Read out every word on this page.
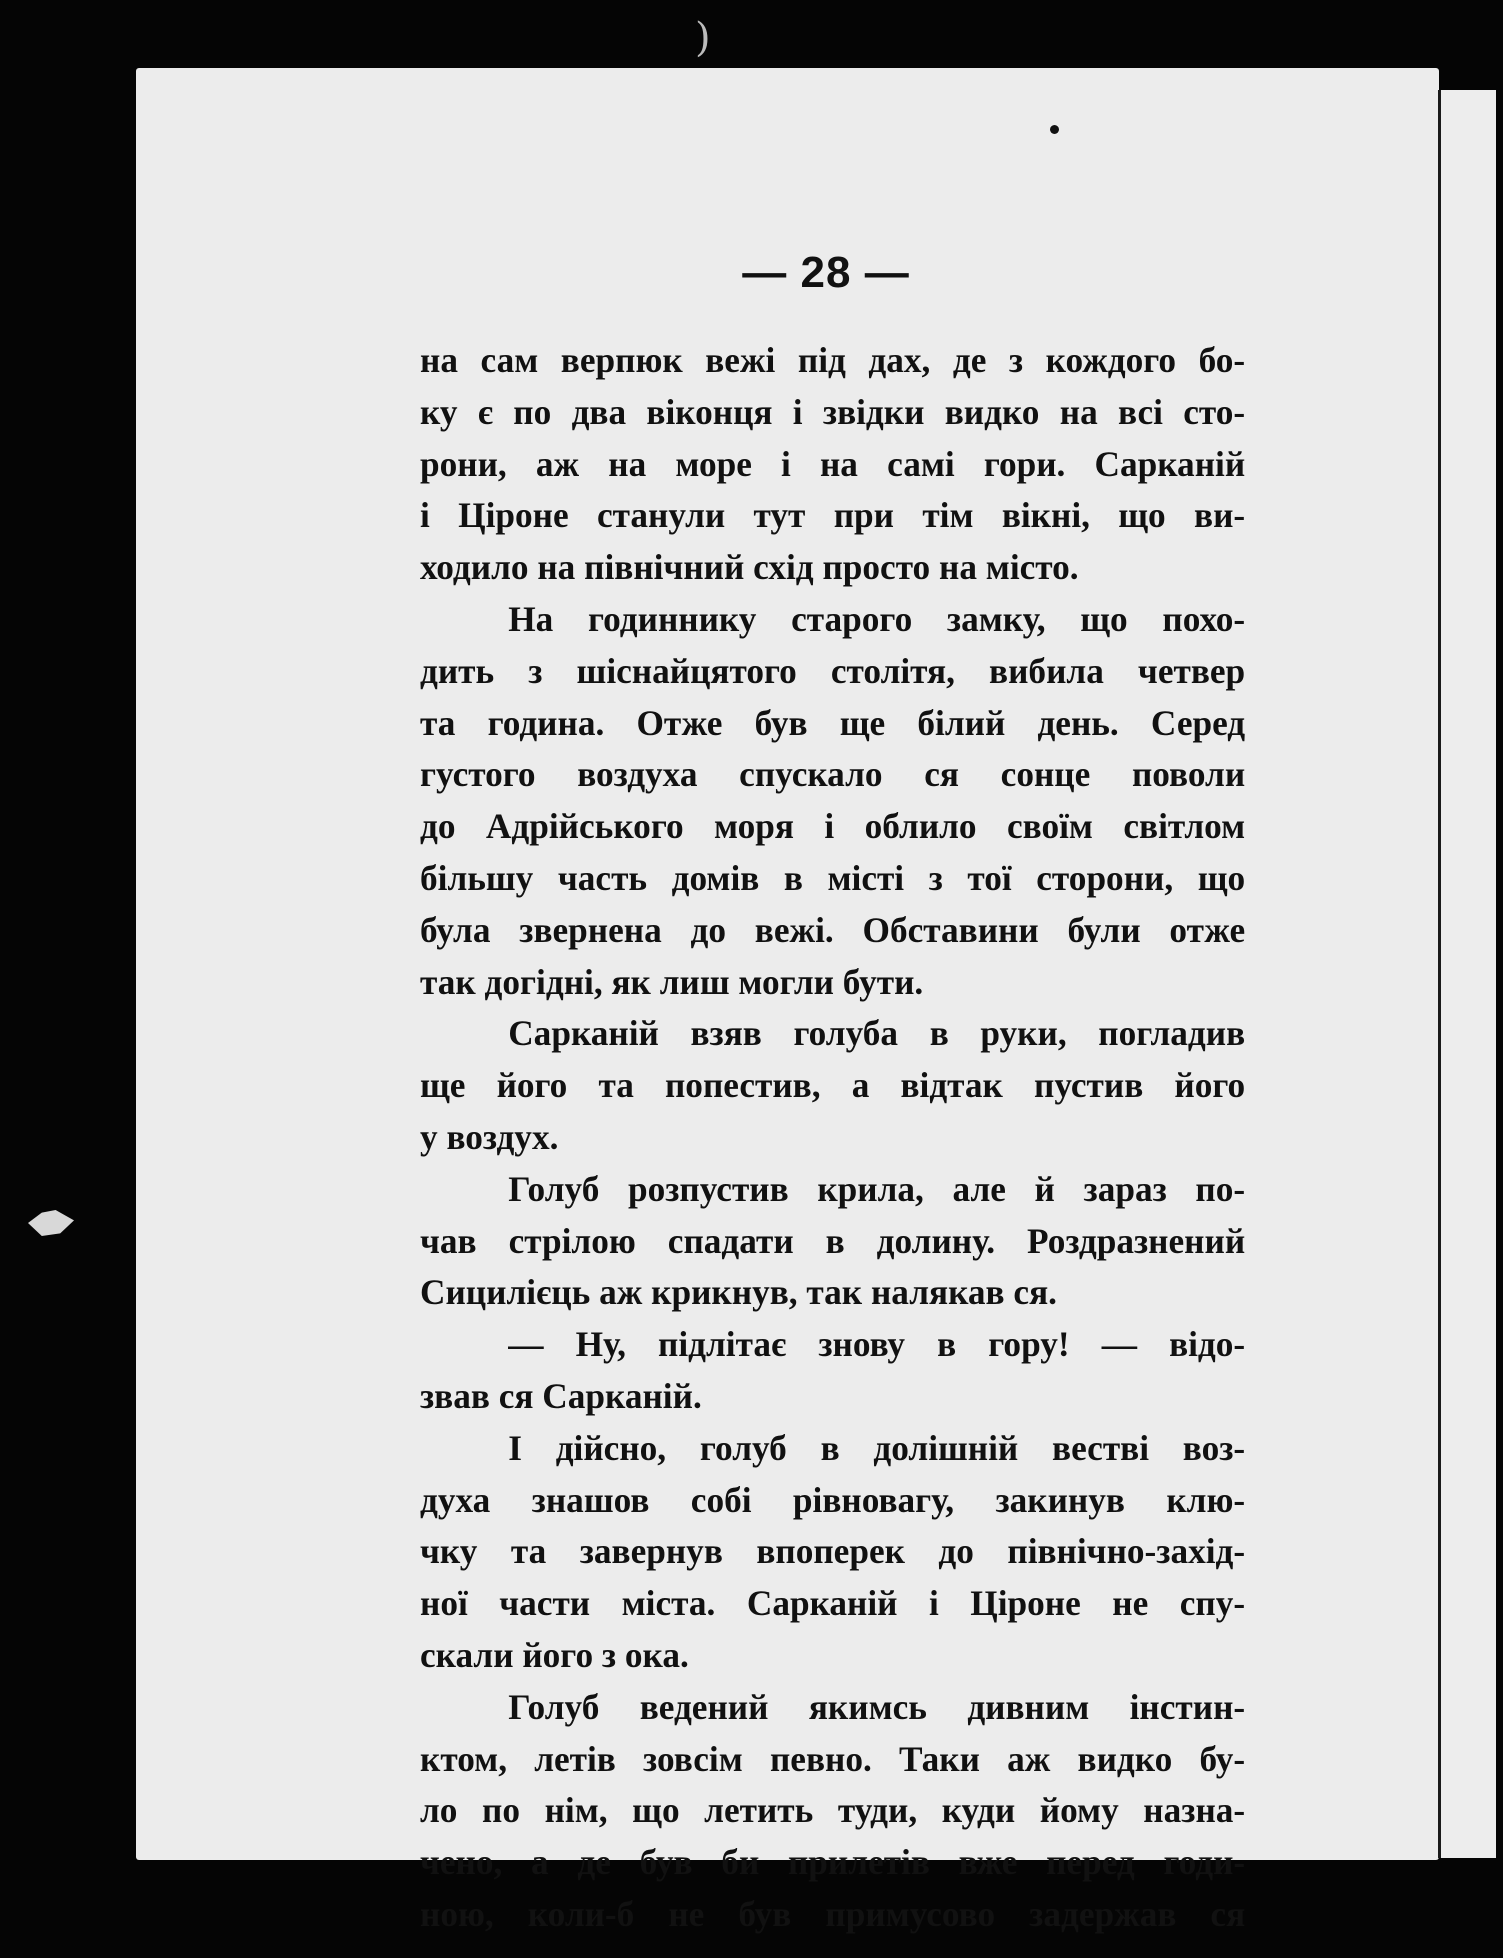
)
— 28 —
на сам верпюк вежі під дах, де з кождого бо-
ку є по два віконця і звідки видко на всі сто-
рони, аж на море і на самі гори. Сарканій
і Ціроне станули тут при тім вікні, що ви-
ходило на північний схід просто на місто.
На годиннику старого замку, що похо-
дить з шіснайцятого столітя, вибила четвер
та година. Отже був ще білий день. Серед
густого воздуха спускало ся сонце поволи
до Адрійського моря і облило своїм світлом
більшу часть домів в місті з тої сторони, що
була звернена до вежі. Обставини були отже
так догідні, як лиш могли бути.
Сарканій взяв голуба в руки, погладив
ще його та попестив, а відтак пустив його
у воздух.
Голуб розпустив крила, але й зараз по-
чав стрілою спадати в долину. Роздразнений
Сицилієць аж крикнув, так налякав ся.
— Ну, підлітає знову в гору! — відо-
звав ся Сарканій.
І дійсно, голуб в долішній вестві воз-
духа знашов собі рівновагу, закинув клю-
чку та завернув впоперек до північно-захід-
ної части міста. Сарканій і Ціроне не спу-
скали його з ока.
Голуб ведений якимсь дивним інстин-
ктом, летів зовсім певно. Таки аж видко бу-
ло по нім, що летить туди, куди йому назна-
чено, а де був би прилетів вже перед годи-
ною, коли-б не був примусово задержав ся
